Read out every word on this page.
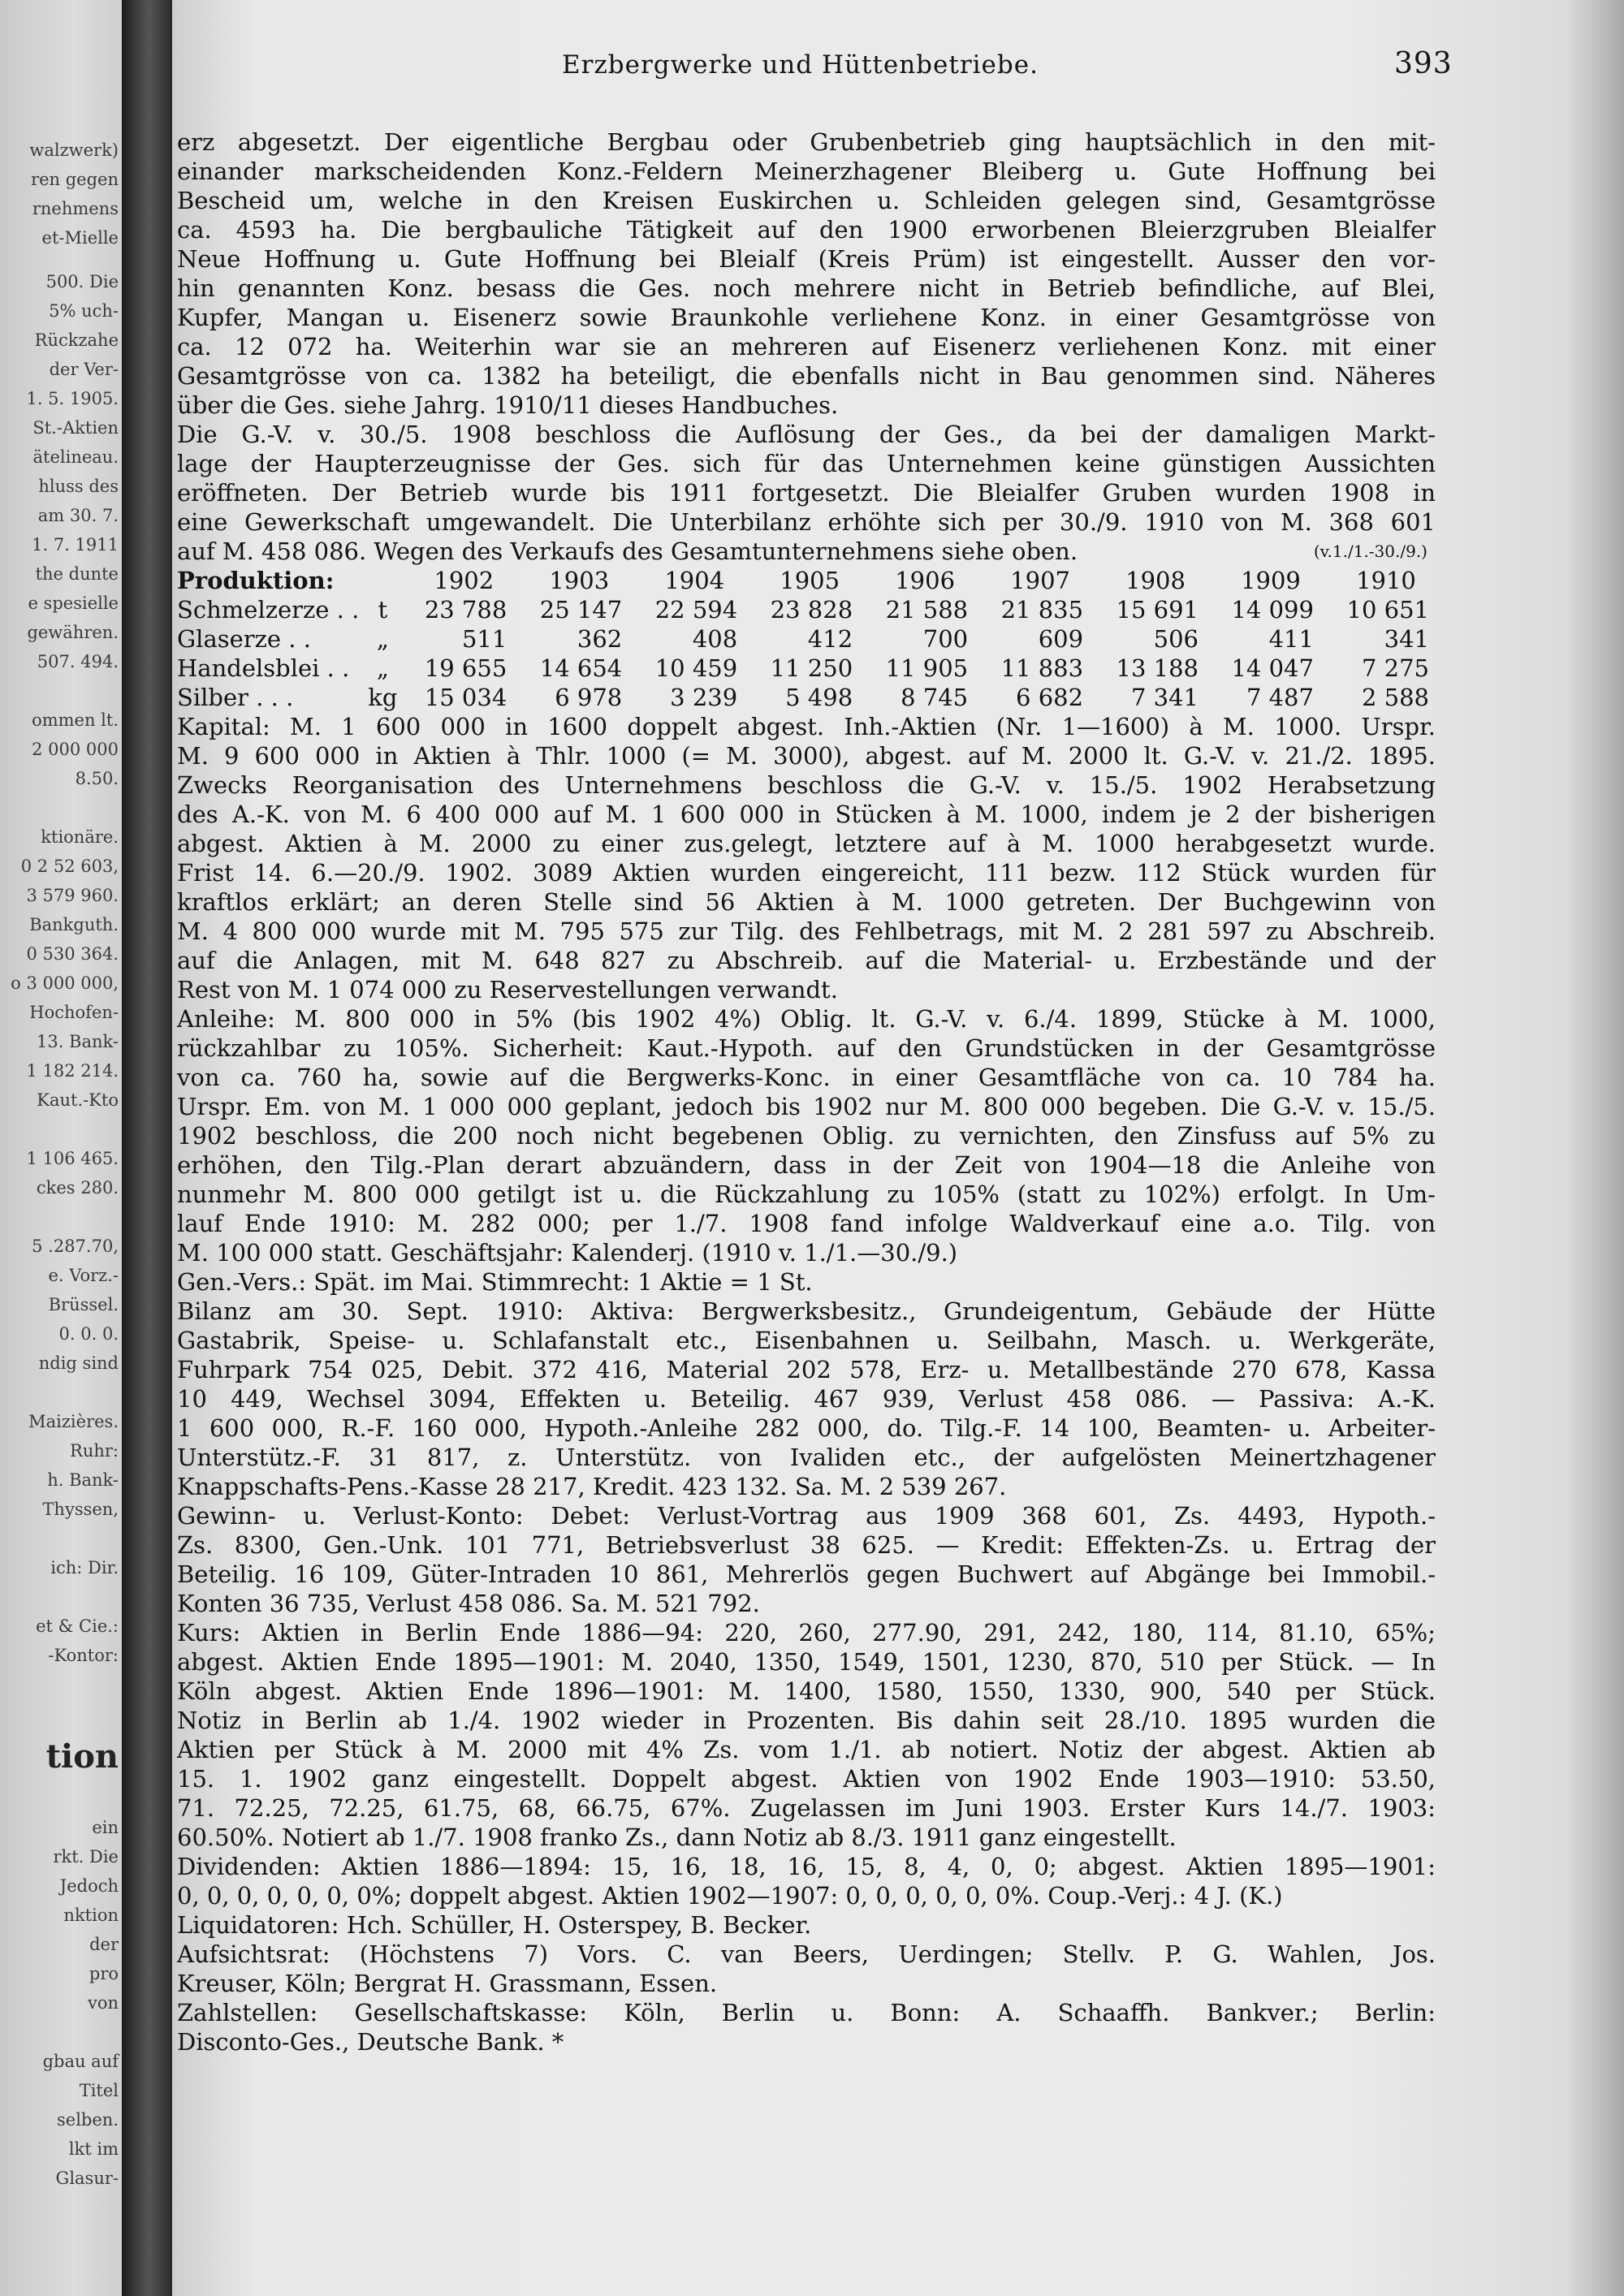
walzwerk)
ren gegen
rnehmens
et-Mielle
500. Die
5% uch-
Rückzahe
der Ver-
1. 5. 1905.
St.-Aktien
ätelineau.
hluss des
am 30. 7.
1. 7. 1911
the dunte
e spesielle
gewähren.
507. 494.
ommen lt.
2 000 000
8.50.
ktionäre.
0 2 52 603,
3 579 960.
Bankguth.
0 530 364.
o 3 000 000,
Hochofen-
13. Bank-
1 182 214.
Kaut.-Kto
1 106 465.
ckes 280.
5 .287.70,
e. Vorz.-
Brüssel.
0. 0. 0.
ndig sind
Maizières.
Ruhr:
h. Bank-
Thyssen,
ich: Dir.
et & Cie.:
-Kontor:
tion
ein
rkt. Die
Jedoch
nktion
der
pro
von
gbau auf
Titel
selben.
lkt im
Glasur-
Erzbergwerke und Hüttenbetriebe.	393
erz abgesetzt. Der eigentliche Bergbau oder Grubenbetrieb ging hauptsächlich in den mit-
einander markscheidenden Konz.-Feldern Meinerzhagener Bleiberg u. Gute Hoffnung bei
Bescheid um, welche in den Kreisen Euskirchen u. Schleiden gelegen sind, Gesamtgrösse
ca. 4593 ha. Die bergbauliche Tätigkeit auf den 1900 erworbenen Bleierzgruben Bleialfer
Neue Hoffnung u. Gute Hoffnung bei Bleialf (Kreis Prüm) ist eingestellt. Ausser den vor-
hin genannten Konz. besass die Ges. noch mehrere nicht in Betrieb befindliche, auf Blei,
Kupfer, Mangan u. Eisenerz sowie Braunkohle verliehene Konz. in einer Gesamtgrösse von
ca. 12 072 ha. Weiterhin war sie an mehreren auf Eisenerz verliehenen Konz. mit einer
Gesamtgrösse von ca. 1382 ha beteiligt, die ebenfalls nicht in Bau genommen sind. Näheres
über die Ges. siehe Jahrg. 1910/11 dieses Handbuches.
Die G.-V. v. 30./5. 1908 beschloss die Auflösung der Ges., da bei der damaligen Markt-
lage der Haupterzeugnisse der Ges. sich für das Unternehmen keine günstigen Aussichten
eröffneten. Der Betrieb wurde bis 1911 fortgesetzt. Die Bleialfer Gruben wurden 1908 in
eine Gewerkschaft umgewandelt. Die Unterbilanz erhöhte sich per 30./9. 1910 von M. 368 601
auf M. 458 086. Wegen des Verkaufs des Gesamtunternehmens siehe oben.	(v.1./1.-30./9.)
Produktion:		1902	1903	1904	1905	1906	1907	1908	1909	1910
Schmelzerze . .	t	23 788	25 147	22 594	23 828	21 588	21 835	15 691	14 099	10 651
Glaserze . .	„	511	362	408	412	700	609	506	411	341
Handelsblei . .	„	19 655	14 654	10 459	11 250	11 905	11 883	13 188	14 047	7 275
Silber . . .	kg	15 034	6 978	3 239	5 498	8 745	6 682	7 341	7 487	2 588
Kapital: M. 1 600 000 in 1600 doppelt abgest. Inh.-Aktien (Nr. 1—1600) à M. 1000. Urspr.
M. 9 600 000 in Aktien à Thlr. 1000 (= M. 3000), abgest. auf M. 2000 lt. G.-V. v. 21./2. 1895.
Zwecks Reorganisation des Unternehmens beschloss die G.-V. v. 15./5. 1902 Herabsetzung
des A.-K. von M. 6 400 000 auf M. 1 600 000 in Stücken à M. 1000, indem je 2 der bisherigen
abgest. Aktien à M. 2000 zu einer zus.gelegt, letztere auf à M. 1000 herabgesetzt wurde.
Frist 14. 6.—20./9. 1902. 3089 Aktien wurden eingereicht, 111 bezw. 112 Stück wurden für
kraftlos erklärt; an deren Stelle sind 56 Aktien à M. 1000 getreten. Der Buchgewinn von
M. 4 800 000 wurde mit M. 795 575 zur Tilg. des Fehlbetrags, mit M. 2 281 597 zu Abschreib.
auf die Anlagen, mit M. 648 827 zu Abschreib. auf die Material- u. Erzbestände und der
Rest von M. 1 074 000 zu Reservestellungen verwandt.
Anleihe: M. 800 000 in 5% (bis 1902 4%) Oblig. lt. G.-V. v. 6./4. 1899, Stücke à M. 1000,
rückzahlbar zu 105%. Sicherheit: Kaut.-Hypoth. auf den Grundstücken in der Gesamtgrösse
von ca. 760 ha, sowie auf die Bergwerks-Konc. in einer Gesamtfläche von ca. 10 784 ha.
Urspr. Em. von M. 1 000 000 geplant, jedoch bis 1902 nur M. 800 000 begeben. Die G.-V. v. 15./5.
1902 beschloss, die 200 noch nicht begebenen Oblig. zu vernichten, den Zinsfuss auf 5% zu
erhöhen, den Tilg.-Plan derart abzuändern, dass in der Zeit von 1904—18 die Anleihe von
nunmehr M. 800 000 getilgt ist u. die Rückzahlung zu 105% (statt zu 102%) erfolgt. In Um-
lauf Ende 1910: M. 282 000; per 1./7. 1908 fand infolge Waldverkauf eine a.o. Tilg. von
M. 100 000 statt. Geschäftsjahr: Kalenderj. (1910 v. 1./1.—30./9.)
Gen.-Vers.: Spät. im Mai. Stimmrecht: 1 Aktie = 1 St.
Bilanz am 30. Sept. 1910: Aktiva: Bergwerksbesitz., Grundeigentum, Gebäude der Hütte
Gastabrik, Speise- u. Schlafanstalt etc., Eisenbahnen u. Seilbahn, Masch. u. Werkgeräte,
Fuhrpark 754 025, Debit. 372 416, Material 202 578, Erz- u. Metallbestände 270 678, Kassa
10 449, Wechsel 3094, Effekten u. Beteilig. 467 939, Verlust 458 086. — Passiva: A.-K.
1 600 000, R.-F. 160 000, Hypoth.-Anleihe 282 000, do. Tilg.-F. 14 100, Beamten- u. Arbeiter-
Unterstütz.-F. 31 817, z. Unterstütz. von Ivaliden etc., der aufgelösten Meinertzhagener
Knappschafts-Pens.-Kasse 28 217, Kredit. 423 132. Sa. M. 2 539 267.
Gewinn- u. Verlust-Konto: Debet: Verlust-Vortrag aus 1909 368 601, Zs. 4493, Hypoth.-
Zs. 8300, Gen.-Unk. 101 771, Betriebsverlust 38 625. — Kredit: Effekten-Zs. u. Ertrag der
Beteilig. 16 109, Güter-Intraden 10 861, Mehrerlös gegen Buchwert auf Abgänge bei Immobil.-
Konten 36 735, Verlust 458 086. Sa. M. 521 792.
Kurs: Aktien in Berlin Ende 1886—94: 220, 260, 277.90, 291, 242, 180, 114, 81.10, 65%;
abgest. Aktien Ende 1895—1901: M. 2040, 1350, 1549, 1501, 1230, 870, 510 per Stück. — In
Köln abgest. Aktien Ende 1896—1901: M. 1400, 1580, 1550, 1330, 900, 540 per Stück.
Notiz in Berlin ab 1./4. 1902 wieder in Prozenten. Bis dahin seit 28./10. 1895 wurden die
Aktien per Stück à M. 2000 mit 4% Zs. vom 1./1. ab notiert. Notiz der abgest. Aktien ab
15. 1. 1902 ganz eingestellt. Doppelt abgest. Aktien von 1902 Ende 1903—1910: 53.50,
71. 72.25, 72.25, 61.75, 68, 66.75, 67%. Zugelassen im Juni 1903. Erster Kurs 14./7. 1903:
60.50%. Notiert ab 1./7. 1908 franko Zs., dann Notiz ab 8./3. 1911 ganz eingestellt.
Dividenden: Aktien 1886—1894: 15, 16, 18, 16, 15, 8, 4, 0, 0; abgest. Aktien 1895—1901:
0, 0, 0, 0, 0, 0, 0%; doppelt abgest. Aktien 1902—1907: 0, 0, 0, 0, 0, 0%. Coup.-Verj.: 4 J. (K.)
Liquidatoren: Hch. Schüller, H. Osterspey, B. Becker.
Aufsichtsrat: (Höchstens 7) Vors. C. van Beers, Uerdingen; Stellv. P. G. Wahlen, Jos.
Kreuser, Köln; Bergrat H. Grassmann, Essen.
Zahlstellen: Gesellschaftskasse: Köln, Berlin u. Bonn: A. Schaaffh. Bankver.; Berlin:
Disconto-Ges., Deutsche Bank. *
